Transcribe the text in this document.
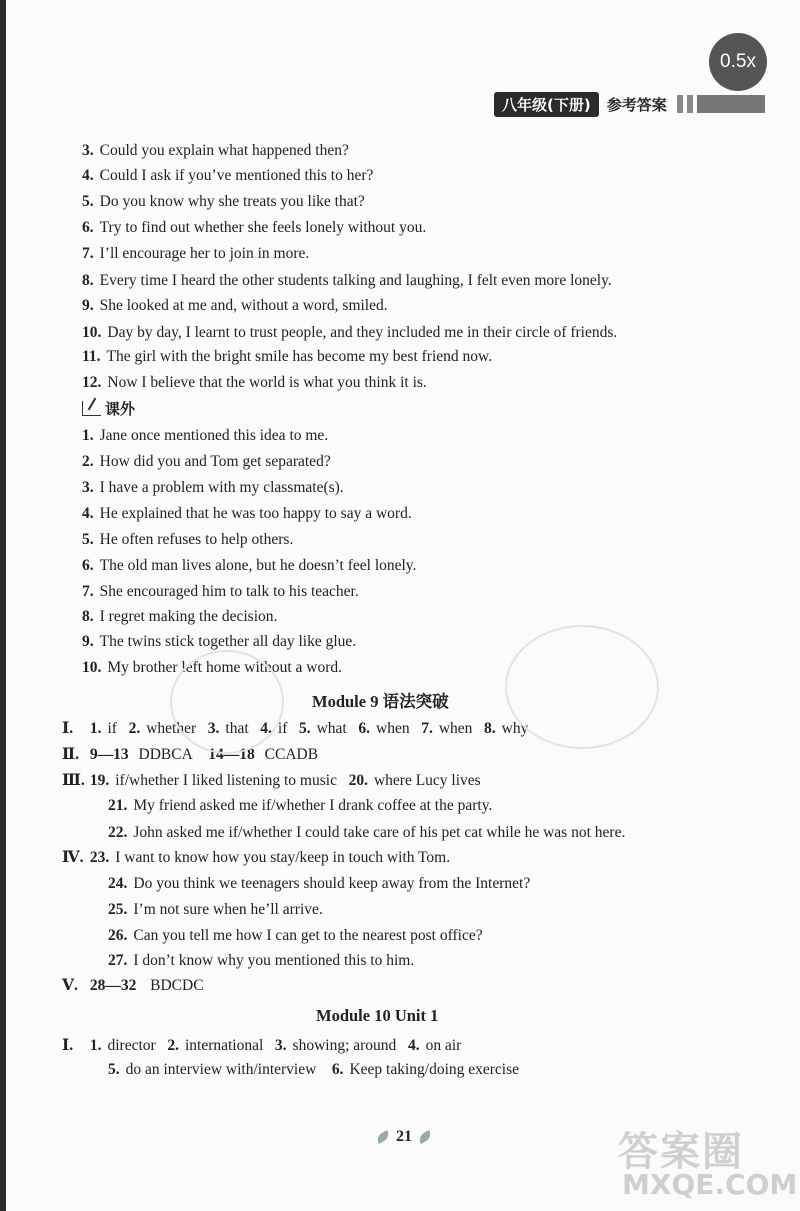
0.5x
八年级(下册)	参考答案
3. Could you explain what happened then?
4. Could I ask if you’ve mentioned this to her?
5. Do you know why she treats you like that?
6. Try to find out whether she feels lonely without you.
7. I’ll encourage her to join in more.
8. Every time I heard the other students talking and laughing, I felt even more lonely.
9. She looked at me and, without a word, smiled.
10. Day by day, I learnt to trust people, and they included me in their circle of friends.
11. The girl with the bright smile has become my best friend now.
12. Now I believe that the world is what you think it is.
课外
1. Jane once mentioned this idea to me.
2. How did you and Tom get separated?
3. I have a problem with my classmate(s).
4. He explained that he was too happy to say a word.
5. He often refuses to help others.
6. The old man lives alone, but he doesn’t feel lonely.
7. She encouraged him to talk to his teacher.
8. I regret making the decision.
9. The twins stick together all day like glue.
10. My brother left home without a word.
Module 9 语法突破
Ⅰ. 1. if 2. whether 3. that 4. if 5. what 6. when 7. when 8. why
Ⅱ. 9—13 DDBCA 14—18 CCADB
Ⅲ. 19. if/whether I liked listening to music 20. where Lucy lives
21. My friend asked me if/whether I drank coffee at the party.
22. John asked me if/whether I could take care of his pet cat while he was not here.
Ⅳ. 23. I want to know how you stay/keep in touch with Tom.
24. Do you think we teenagers should keep away from the Internet?
25. I’m not sure when he’ll arrive.
26. Can you tell me how I can get to the nearest post office?
27. I don’t know why you mentioned this to him.
Ⅴ. 28—32 BDCDC
Module 10 Unit 1
Ⅰ. 1. director 2. international 3. showing; around 4. on air
5. do an interview with/interview 6. Keep taking/doing exercise
21	答案圈
MXQE.COM
